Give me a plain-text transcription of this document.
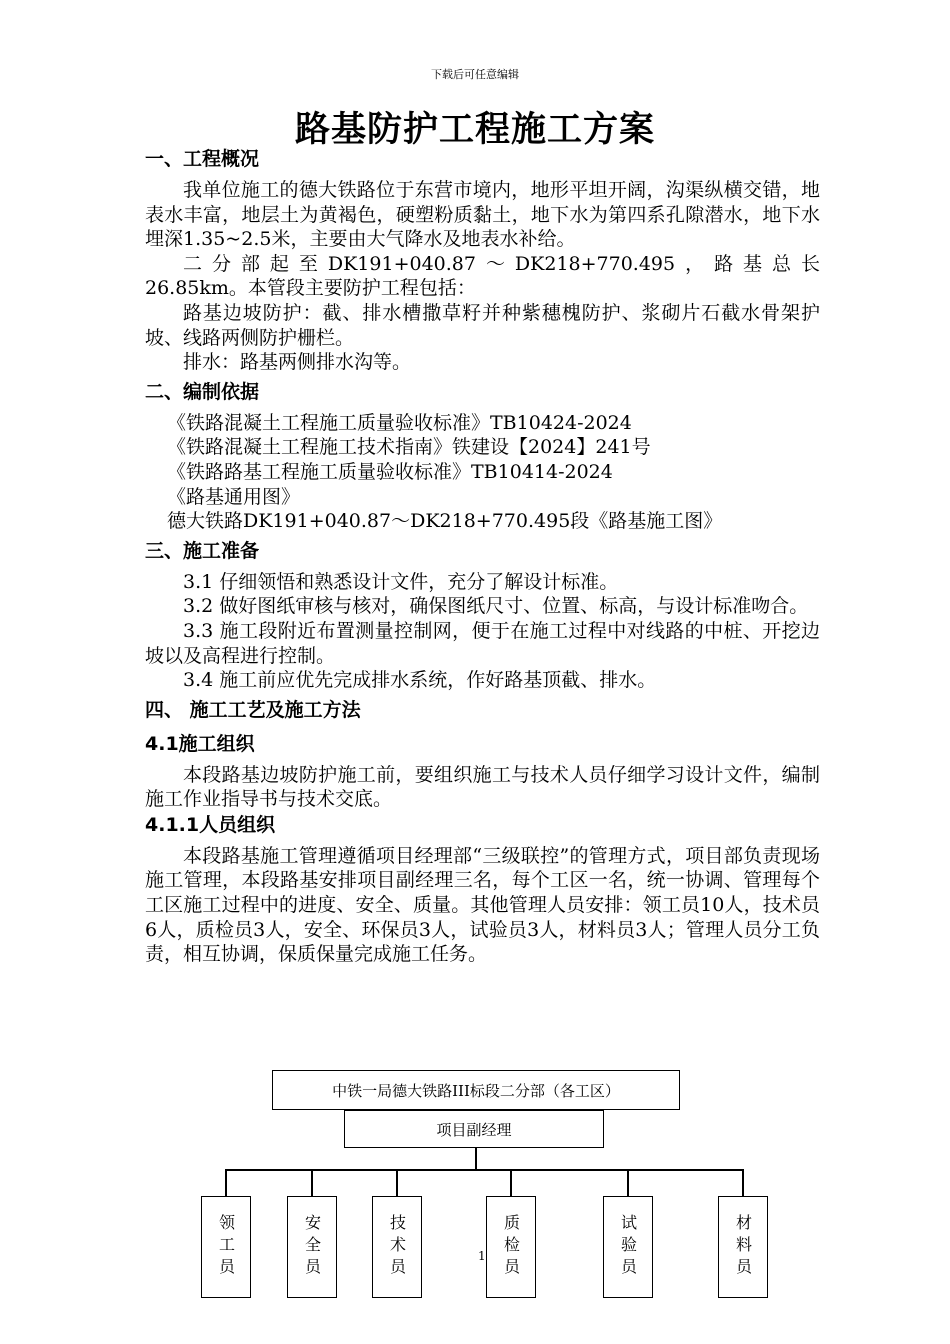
下载后可任意编辑
路基防护工程施工方案
一、工程概况

我单位施工的德大铁路位于东营市境内，地形平坦开阔，沟渠纵横交错，地表水丰富，地层土为黄褐色，硬塑粉质黏土，地下水为第四系孔隙潜水，地下水埋深1.35~2.5米，主要由大气降水及地表水补给。

二分部起至DK191+040.87～DK218+770.495，路基总长

26.85km。本管段主要防护工程包括：

路基边坡防护：截、排水槽撒草籽并种紫穗槐防护、浆砌片石截水骨架护坡、线路两侧防护栅栏。

排水：路基两侧排水沟等。

二、编制依据

《铁路混凝土工程施工质量验收标准》TB10424-2024

《铁路混凝土工程施工技术指南》铁建设【2024】241号

《铁路路基工程施工质量验收标准》TB10414-2024

《路基通用图》

德大铁路DK191+040.87～DK218+770.495段《路基施工图》

三、施工准备

3.1 仔细领悟和熟悉设计文件，充分了解设计标准。

3.2 做好图纸审核与核对，确保图纸尺寸、位置、标高，与设计标准吻合。

3.3 施工段附近布置测量控制网，便于在施工过程中对线路的中桩、开挖边坡以及高程进行控制。

3.4 施工前应优先完成排水系统，作好路基顶截、排水。

四、 施工工艺及施工方法
4.1施工组织

本段路基边坡防护施工前，要组织施工与技术人员仔细学习设计文件，编制施工作业指导书与技术交底。

4.1.1人员组织

本段路基施工管理遵循项目经理部“三级联控”的管理方式，项目部负责现场施工管理，本段路基安排项目副经理三名，每个工区一名，统一协调、管理每个工区施工过程中的进度、安全、质量。其他管理人员安排：领工员10人，技术员6人，质检员3人，安全、环保员3人，试验员3人，材料员3人；管理人员分工负责，相互协调，保质保量完成施工任务。

中铁一局德大铁路III标段二分部（各工区）
项目副经理
领工员	安全员	技术员	质检员	试验员	材料员
1
